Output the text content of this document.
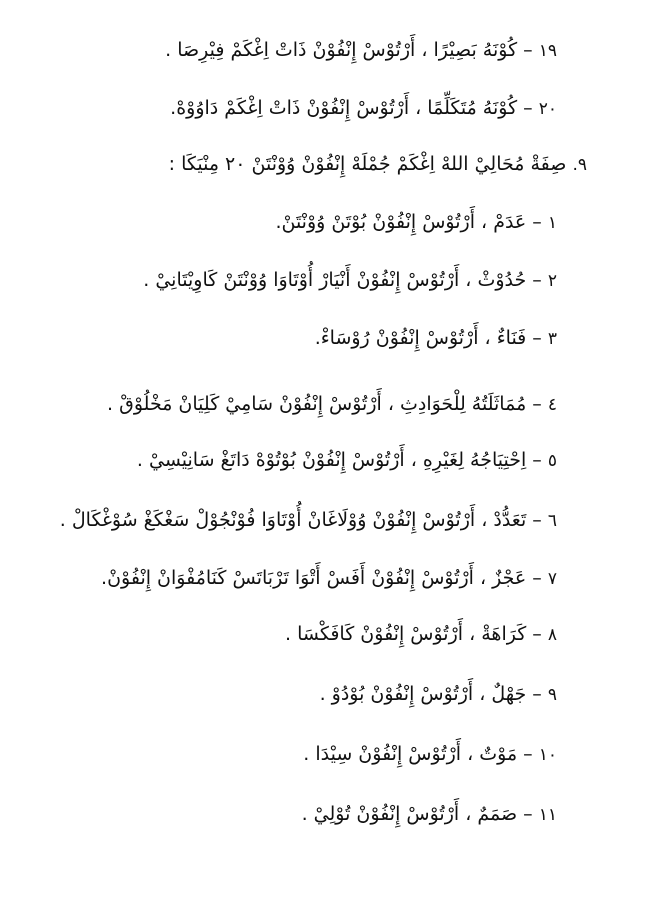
١٩ – كُوْنَهُ بَصِيْرًا ، أَرْتُوْسْ إِنْفُوْنْ ذَاتْ اِغْكَمْ فِيْرِصَا .
٢٠ – كُوْنَهُ مُتَكَلِّمًا ، أَرْتُوْسْ إِنْفُوْنْ ذَاتْ اِغْكَمْ دَاوُوْهْ.
٩. صِفَةْ مُحَالِيْ اللهْ اِغْكَمْ جُمْلَهْ إِنْفُوْنْ وُوْنْتَنْ ٢٠ مِنْيَكَا :
١ – عَدَمْ ، أَرْتُوْسْ إِنْفُوْنْ بُوْتَنْ وُوْنْتَنْ.
٢ – حُدُوْثْ ، أَرْتُوْسْ إِنْفُوْنْ أَنْيَارْ أُوْتَاوَا وُوْنْتَنْ كَاوِيْتَانِيْ .
٣ – فَنَاءٌ ، أَرْتُوْسْ إِنْفُوْنْ رُوْسَاءْ.
٤ – مُمَاثَلَتُهُ لِلْحَوَادِثِ ، أَرْتُوْسْ إِنْفُوْنْ سَامِيْ كَلِيَانْ مَخْلُوْقْ .
٥ – اِحْتِيَاجُهُ لِغَيْرِهِ ، أَرْتُوْسْ إِنْفُوْنْ بُوْتُوْهْ دَاتَغْ سَانِيْسِيْ .
٦ – تَعَدُّدْ ، أَرْتُوْسْ إِنْفُوْنْ وُوْلَاغَانْ أُوْتَاوَا فُوْنْجُوْلْ سَغْكَغْ سُوْغْكَالْ .
٧ – عَجْزٌ ، أَرْتُوْسْ إِنْفُوْنْ أَفَسْ أَتْوَا تَرْبَاتَسْ كَنَامُفْوَانْ إِنْفُوْنْ.
٨ – كَرَاهَةْ ، أَرْتُوْسْ إِنْفُوْنْ كَافَكْسَا .
٩ – جَهْلٌ ، أَرْتُوْسْ إِنْفُوْنْ بُوْدُوْ .
١٠ – مَوْتٌ ، أَرْتُوْسْ إِنْفُوْنْ سِيْدَا .
١١ – صَمَمٌ ، أَرْتُوْسْ إِنْفُوْنْ تُوْلِيْ .
